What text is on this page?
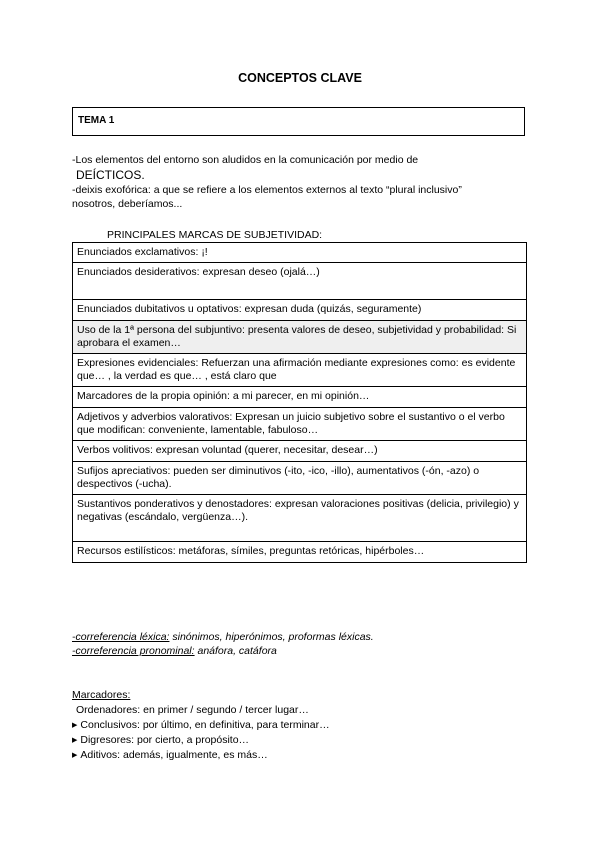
CONCEPTOS CLAVE
TEMA 1
-Los elementos del entorno son aludidos en la comunicación por medio de
DEÍCTICOS.
-deixis exofórica: a que se refiere a los elementos externos al texto “plural inclusivo”
nosotros, deberíamos...
PRINCIPALES MARCAS DE SUBJETIVIDAD:
Enunciados exclamativos: ¡!
Enunciados desiderativos: expresan deseo (ojalá…)
Enunciados dubitativos u optativos: expresan duda (quizás, seguramente)
Uso de la 1ª persona del subjuntivo: presenta valores de deseo, subjetividad y probabilidad: Si aprobara el examen…
Expresiones evidenciales: Refuerzan una afirmación mediante expresiones como: es evidente que… , la verdad es que… , está claro que
Marcadores de la propia opinión: a mi parecer, en mi opinión…
Adjetivos y adverbios valorativos: Expresan un juicio subjetivo sobre el sustantivo o el verbo que modifican: conveniente, lamentable, fabuloso…
Verbos volitivos: expresan voluntad (querer, necesitar, desear…)
Sufijos apreciativos: pueden ser diminutivos (-ito, -ico, -illo), aumentativos (-ón, -azo) o despectivos (-ucha).
Sustantivos ponderativos y denostadores: expresan valoraciones positivas (delicia, privilegio) y negativas (escándalo, vergüenza…).
Recursos estilísticos: metáforas, símiles, preguntas retóricas, hipérboles…
-correferencia léxica: sinónimos, hiperónimos, proformas léxicas.
-correferencia pronominal: anáfora, catáfora
Marcadores:
Ordenadores: en primer / segundo / tercer lugar…
▶ Conclusivos: por último, en definitiva, para terminar…
▶ Digresores: por cierto, a propósito…
▶ Aditivos: además, igualmente, es más…
